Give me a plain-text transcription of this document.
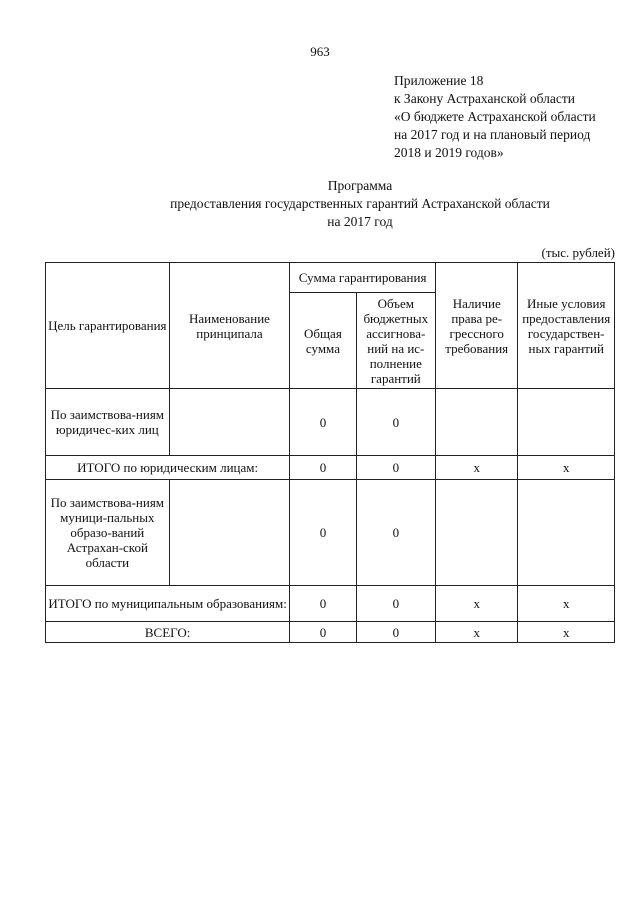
963
Приложение 18
к Закону Астраханской области
«О бюджете Астраханской области
на 2017 год и на плановый период
2018 и 2019 годов»
Программа
предоставления государственных гарантий Астраханской области
на 2017 год
(тыс. рублей)
Цель гарантирования	Наименование принципала	Сумма гарантирования		Наличие права ре-грессного требования	Иные условия предоставления государствен-ных гарантий
		Общая сумма	Объем бюджетных ассигнова-ний на ис-полнение гарантий		
По заимствова-ниям юридичес-ких лиц		0	0		
ИТОГО по юридическим лицам:		0	0	x	x
По заимствова-ниям муници-пальных образо-ваний Астрахан-ской области		0	0		
ИТОГО по муниципальным образованиям:		0	0	x	x
ВСЕГО:		0	0	x	x
